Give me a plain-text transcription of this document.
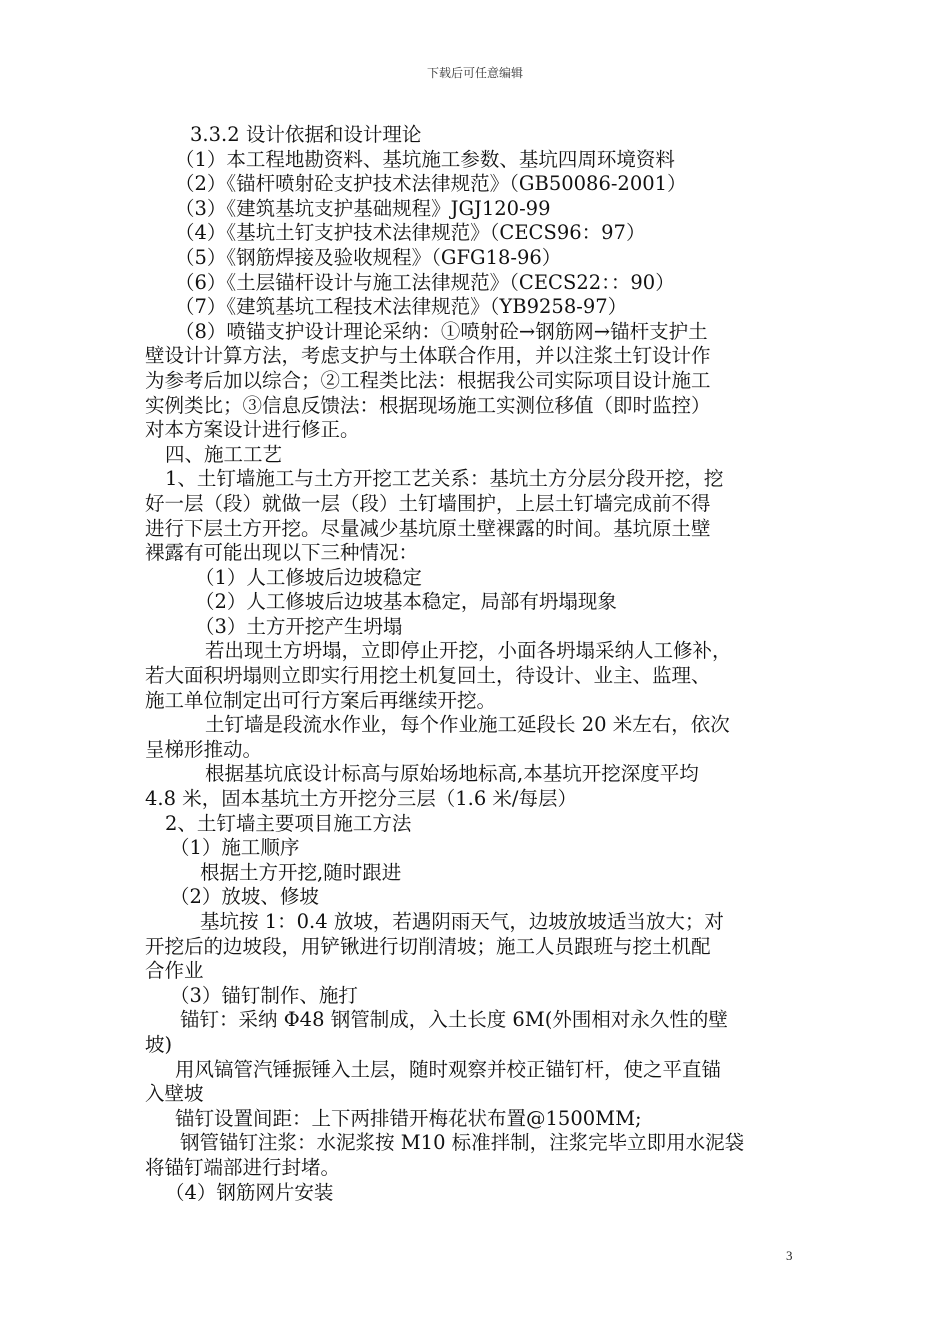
下载后可任意编辑
3.3.2 设计依据和设计理论
（1）本工程地勘资料、基坑施工参数、基坑四周环境资料
（2）《锚杆喷射砼支护技术法律规范》（GB50086-2001）
（3）《建筑基坑支护基础规程》JGJ120-99
（4）《基坑土钉支护技术法律规范》（CECS96：97）
（5）《钢筋焊接及验收规程》（GFG18-96）
（6）《土层锚杆设计与施工法律规范》（CECS22：：90）
（7）《建筑基坑工程技术法律规范》（YB9258-97）
（8）喷锚支护设计理论采纳：①喷射砼→钢筋网→锚杆支护土
壁设计计算方法，考虑支护与土体联合作用，并以注浆土钉设计作
为参考后加以综合；②工程类比法：根据我公司实际项目设计施工
实例类比；③信息反馈法：根据现场施工实测位移值（即时监控）
对本方案设计进行修正。
四、施工工艺
1、土钉墙施工与土方开挖工艺关系：基坑土方分层分段开挖，挖
好一层（段）就做一层（段）土钉墙围护，上层土钉墙完成前不得
进行下层土方开挖。尽量减少基坑原土壁裸露的时间。基坑原土壁
裸露有可能出现以下三种情况：
（1）人工修坡后边坡稳定
（2）人工修坡后边坡基本稳定，局部有坍塌现象
（3）土方开挖产生坍塌
若出现土方坍塌，立即停止开挖，小面各坍塌采纳人工修补，
若大面积坍塌则立即实行用挖土机复回土，待设计、业主、监理、
施工单位制定出可行方案后再继续开挖。
土钉墙是段流水作业，每个作业施工延段长 20 米左右，依次
呈梯形推动。
根据基坑底设计标高与原始场地标高,本基坑开挖深度平均
4.8 米，固本基坑土方开挖分三层（1.6 米/每层）
2、土钉墙主要项目施工方法
（1）施工顺序
根据土方开挖,随时跟进
（2）放坡、修坡
基坑按 1：0.4 放坡，若遇阴雨天气，边坡放坡适当放大；对
开挖后的边坡段，用铲锹进行切削清坡；施工人员跟班与挖土机配
合作业
（3）锚钉制作、施打
锚钉：采纳 Φ48 钢管制成，入土长度 6M(外围相对永久性的壁
坡)
用风镐管汽锤振锤入土层，随时观察并校正锚钉杆，使之平直锚
入壁坡
锚钉设置间距：上下两排错开梅花状布置@1500MM;
钢管锚钉注浆：水泥浆按 M10 标准拌制，注浆完毕立即用水泥袋
将锚钉端部进行封堵。
（4）钢筋网片安装
3
